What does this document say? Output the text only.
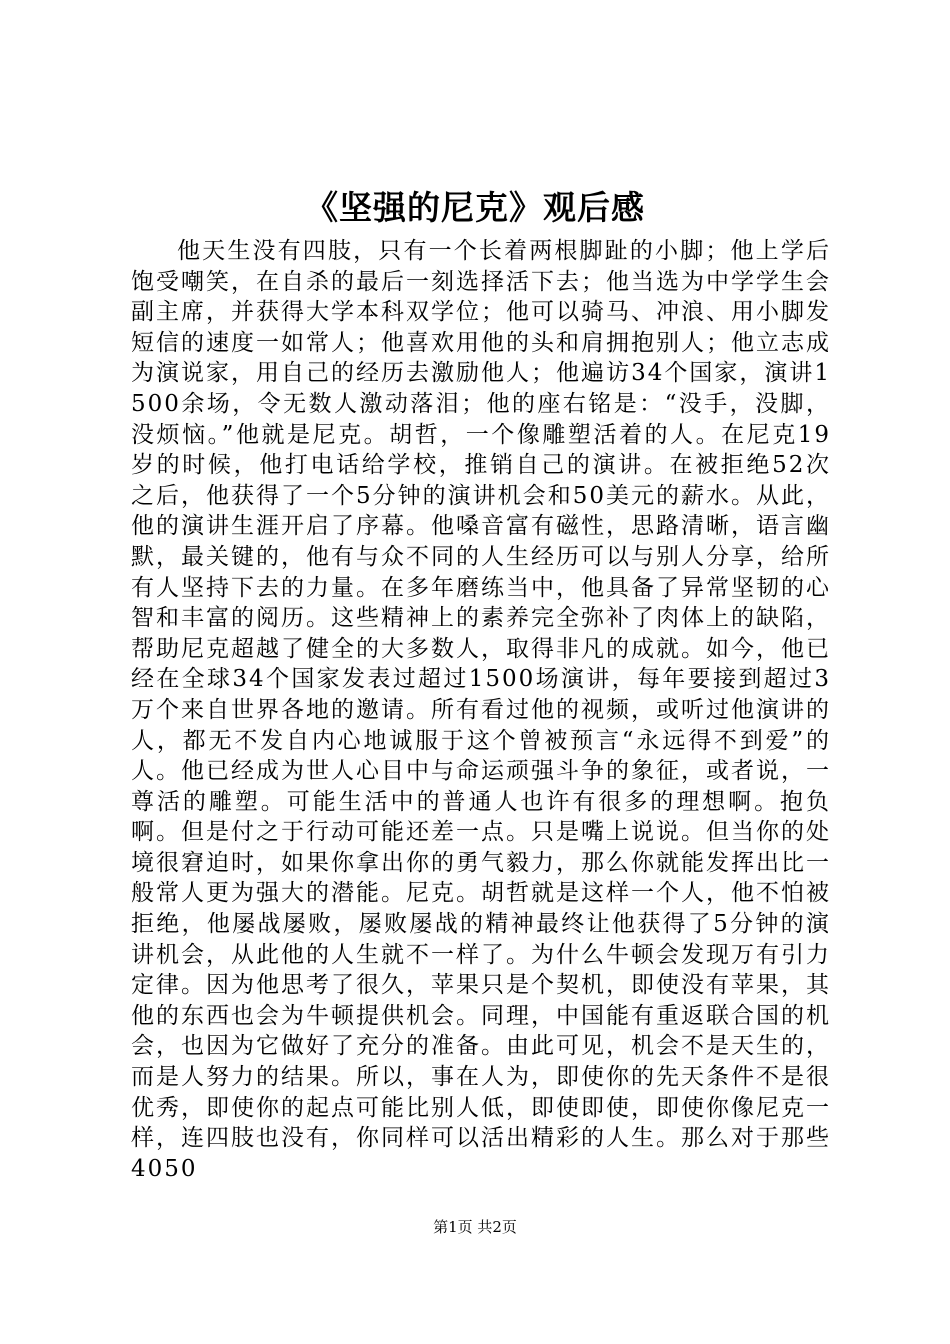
《坚强的尼克》观后感

他天生没有四肢，只有一个长着两根脚趾的小脚；他上学后饱受嘲笑，在自杀的最后一刻选择活下去；他当选为中学学生会副主席，并获得大学本科双学位；他可以骑马、冲浪、用小脚发短信的速度一如常人；他喜欢用他的头和肩拥抱别人；他立志成为演说家，用自己的经历去激励他人；他遍访34个国家，演讲1500余场，令无数人激动落泪；他的座右铭是：“没手，没脚，没烦恼。”他就是尼克。胡哲，一个像雕塑活着的人。在尼克19岁的时候，他打电话给学校，推销自己的演讲。在被拒绝52次之后，他获得了一个5分钟的演讲机会和50美元的薪水。从此，他的演讲生涯开启了序幕。他嗓音富有磁性，思路清晰，语言幽默，最关键的，他有与众不同的人生经历可以与别人分享，给所有人坚持下去的力量。在多年磨练当中，他具备了异常坚韧的心智和丰富的阅历。这些精神上的素养完全弥补了肉体上的缺陷，帮助尼克超越了健全的大多数人，取得非凡的成就。如今，他已经在全球34个国家发表过超过1500场演讲，每年要接到超过3万个来自世界各地的邀请。所有看过他的视频，或听过他演讲的人，都无不发自内心地诚服于这个曾被预言“永远得不到爱”的人。他已经成为世人心目中与命运顽强斗争的象征，或者说，一尊活的雕塑。可能生活中的普通人也许有很多的理想啊。抱负啊。但是付之于行动可能还差一点。只是嘴上说说。但当你的处境很窘迫时，如果你拿出你的勇气毅力，那么你就能发挥出比一般常人更为强大的潜能。尼克。胡哲就是这样一个人，他不怕被拒绝，他屡战屡败，屡败屡战的精神最终让他获得了5分钟的演讲机会，从此他的人生就不一样了。为什么牛顿会发现万有引力定律。因为他思考了很久，苹果只是个契机，即使没有苹果，其他的东西也会为牛顿提供机会。同理，中国能有重返联合国的机会，也因为它做好了充分的准备。由此可见，机会不是天生的，而是人努力的结果。所以，事在人为，即使你的先天条件不是很优秀，即使你的起点可能比别人低，即使即使，即使你像尼克一样，连四肢也没有，你同样可以活出精彩的人生。那么对于那些4050

第1页 共2页
